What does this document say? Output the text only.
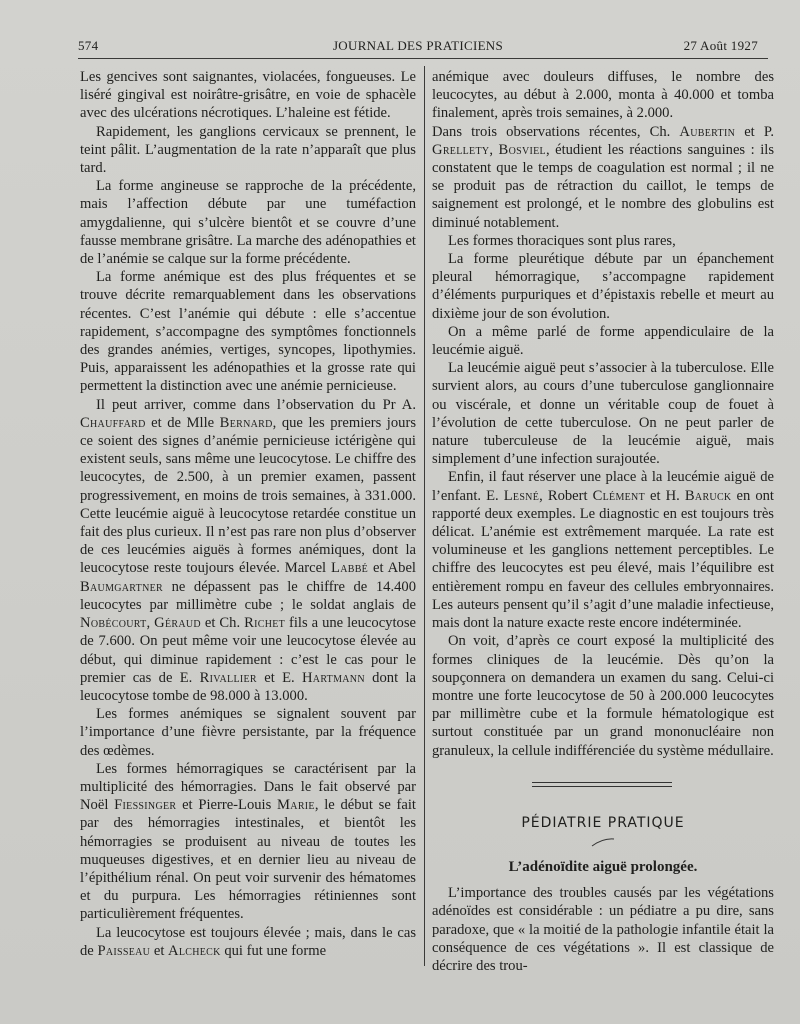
574	JOURNAL DES PRATICIENS	27 Août 1927

Les gencives sont saignantes, violacées, fongueuses. Le liséré gingival est noirâtre-grisâtre, en voie de sphacèle avec des ulcérations nécrotiques. L’haleine est fétide.

Rapidement, les ganglions cervicaux se prennent, le teint pâlit. L’augmentation de la rate n’apparaît que plus tard.

La forme angineuse se rapproche de la précédente, mais l’affection débute par une tuméfaction amygdalienne, qui s’ulcère bientôt et se couvre d’une fausse membrane grisâtre. La marche des adénopathies et de l’anémie se calque sur la forme précédente.

La forme anémique est des plus fréquentes et se trouve décrite remarquablement dans les observations récentes. C’est l’anémie qui débute : elle s’accentue rapidement, s’accompagne des symptômes fonctionnels des grandes anémies, vertiges, syncopes, lipothymies. Puis, apparaissent les adénopathies et la grosse rate qui permettent la distinction avec une anémie pernicieuse.

Il peut arriver, comme dans l’observation du Pr A. Chauffard et de Mlle Bernard, que les premiers jours ce soient des signes d’anémie pernicieuse ictérigène qui existent seuls, sans même une leucocytose. Le chiffre des leucocytes, de 2.500, à un premier examen, passent progressivement, en moins de trois semaines, à 331.000. Cette leucémie aiguë à leucocytose retardée constitue un fait des plus curieux. Il n’est pas rare non plus d’observer de ces leucémies aiguës à formes anémiques, dont la leucocytose reste toujours élevée. Marcel Labbé et Abel Baumgartner ne dépassent pas le chiffre de 14.400 leucocytes par millimètre cube ; le soldat anglais de Nobécourt, Géraud et Ch. Richet fils a une leucocytose de 7.600. On peut même voir une leucocytose élevée au début, qui diminue rapidement : c’est le cas pour le premier cas de E. Rivallier et E. Hartmann dont la leucocytose tombe de 98.000 à 13.000.

Les formes anémiques se signalent souvent par l’importance d’une fièvre persistante, par la fréquence des œdèmes.

Les formes hémorragiques se caractérisent par la multiplicité des hémorragies. Dans le fait observé par Noël Fiessinger et Pierre-Louis Marie, le début se fait par des hémorragies intestinales, et bientôt les hémorragies se produisent au niveau de toutes les muqueuses digestives, et en dernier lieu au niveau de l’épithélium rénal. On peut voir survenir des hématomes et du purpura. Les hémorragies rétiniennes sont particulièrement fréquentes.

La leucocytose est toujours élevée ; mais, dans le cas de Paisseau et Alcheck qui fut une forme

anémique avec douleurs diffuses, le nombre des leucocytes, au début à 2.000, monta à 40.000 et tomba finalement, après trois semaines, à 2.000.

Dans trois observations récentes, Ch. Aubertin et P. Grellety, Bosviel, étudient les réactions sanguines : ils constatent que le temps de coagulation est normal ; il ne se produit pas de rétraction du caillot, le temps de saignement est prolongé, et le nombre des globulins est diminué notablement.

Les formes thoraciques sont plus rares,

La forme pleurétique débute par un épanchement pleural hémorragique, s’accompagne rapidement d’éléments purpuriques et d’épistaxis rebelle et meurt au dixième jour de son évolution.

On a même parlé de forme appendiculaire de la leucémie aiguë.

La leucémie aiguë peut s’associer à la tuberculose. Elle survient alors, au cours d’une tuberculose ganglionnaire ou viscérale, et donne un véritable coup de fouet à l’évolution de cette tuberculose. On ne peut parler de nature tuberculeuse de la leucémie aiguë, mais simplement d’une infection surajoutée.

Enfin, il faut réserver une place à la leucémie aiguë de l’enfant. E. Lesné, Robert Clément et H. Baruck en ont rapporté deux exemples. Le diagnostic en est toujours très délicat. L’anémie est extrêmement marquée. La rate est volumineuse et les ganglions nettement perceptibles. Le chiffre des leucocytes est peu élevé, mais l’équilibre est entièrement rompu en faveur des cellules embryonnaires. Les auteurs pensent qu’il s’agit d’une maladie infectieuse, mais dont la nature exacte reste encore indéterminée.

On voit, d’après ce court exposé la multiplicité des formes cliniques de la leucémie. Dès qu’on la soupçonnera on demandera un examen du sang. Celui-ci montre une forte leucocytose de 50 à 200.000 leucocytes par millimètre cube et la formule hématologique est surtout constituée par un grand mononucléaire non granuleux, la cellule indifférenciée du système médullaire.

PÉDIATRIE PRATIQUE
L’adénoïdite aiguë prolongée.

L’importance des troubles causés par les végétations adénoïdes est considérable : un pédiatre a pu dire, sans paradoxe, que « la moitié de la pathologie infantile était la conséquence de ces végétations ». Il est classique de décrire des trou-
